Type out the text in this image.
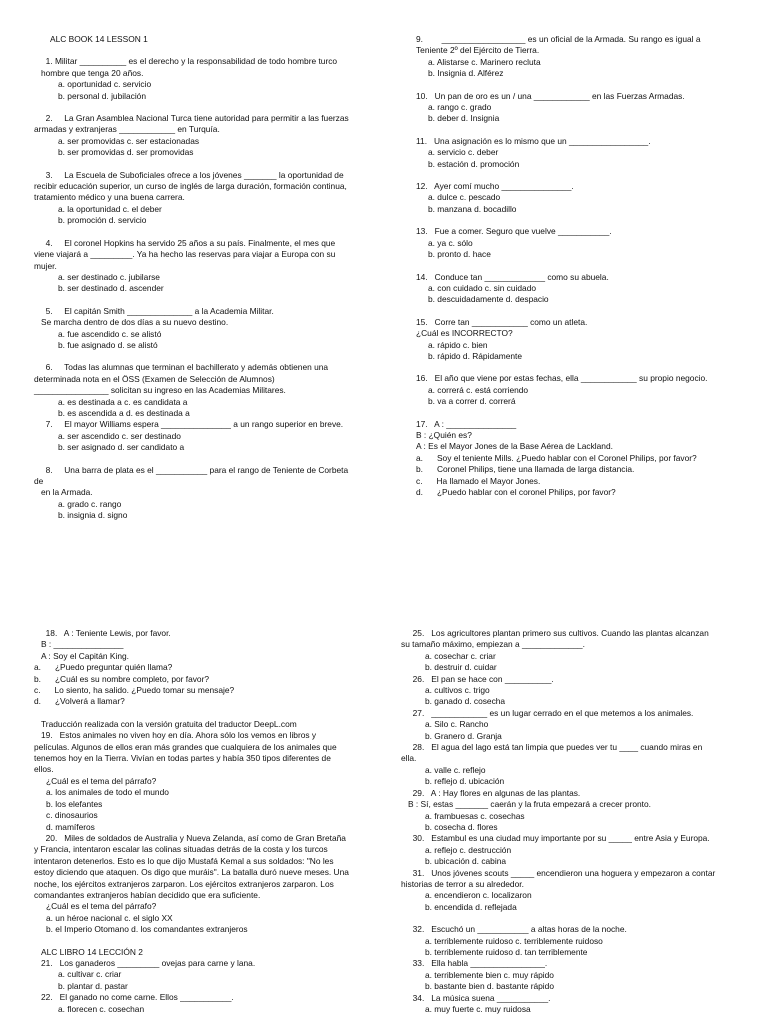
ALC BOOK 14 LESSON 1
1. Militar __________ es el derecho y la responsabilidad de todo hombre turco
hombre que tenga 20 años.
a. oportunidad c. servicio
b. personal d. jubilación
2.     La Gran Asamblea Nacional Turca tiene autoridad para permitir a las fuerzas
armadas y extranjeras ____________ en Turquía.
a. ser promovidas c. ser estacionadas
b. ser promovidas d. ser promovidas
3.     La Escuela de Suboficiales ofrece a los jóvenes _______ la oportunidad de
recibir educación superior, un curso de inglés de larga duración, formación continua,
tratamiento médico y una buena carrera.
a. la oportunidad c. el deber
b. promoción d. servicio
4.     El coronel Hopkins ha servido 25 años a su país. Finalmente, el mes que
viene viajará a _________. Ya ha hecho las reservas para viajar a Europa con su
mujer.
a. ser destinado c. jubilarse
b. ser destinado d. ascender
5.     El capitán Smith ______________ a la Academia Militar.
Se marcha dentro de dos días a su nuevo destino.
a. fue ascendido c. se alistó
b. fue asignado d. se alistó
6.     Todas las alumnas que terminan el bachillerato y además obtienen una
determinada nota en el ÖSS (Examen de Selección de Alumnos)
________________ solicitan su ingreso en las Academias Militares.
a. es destinada a c. es candidata a
b. es ascendida a d. es destinada a
7.     El mayor Williams espera _______________ a un rango superior en breve.
a. ser ascendido c. ser destinado
b. ser asignado d. ser candidato a
8.     Una barra de plata es el ___________ para el rango de Teniente de Corbeta
de
en la Armada.
a. grado c. rango
b. insignia d. signo
9.        __________________ es un oficial de la Armada. Su rango es igual a
Teniente 2º del Ejército de Tierra.
a. Alistarse c. Marinero recluta
b. Insignia d. Alférez
10.   Un pan de oro es un / una ____________ en las Fuerzas Armadas.
a. rango c. grado
b. deber d. Insignia
11.   Una asignación es lo mismo que un _________________.
a. servicio c. deber
b. estación d. promoción
12.   Ayer comí mucho _______________.
a. dulce c. pescado
b. manzana d. bocadillo
13.   Fue a comer. Seguro que vuelve ___________.
a. ya c. sólo
b. pronto d. hace
14.   Conduce tan _____________ como su abuela.
a. con cuidado c. sin cuidado
b. descuidadamente d. despacio
15.   Corre tan ____________ como un atleta.
¿Cuál es INCORRECTO?
a. rápido c. bien
b. rápido d. Rápidamente
16.   El año que viene por estas fechas, ella ____________ su propio negocio.
a. correrá c. está corriendo
b. va a correr d. correrá
17.   A : _______________
B : ¿Quién es?
A : Es el Mayor Jones de la Base Aérea de Lackland.
a.      Soy el teniente Mills. ¿Puedo hablar con el Coronel Philips, por favor?
b.      Coronel Philips, tiene una llamada de larga distancia.
c.      Ha llamado el Mayor Jones.
d.      ¿Puedo hablar con el coronel Philips, por favor?
18.   A : Teniente Lewis, por favor.
B : _______________
A : Soy el Capitán King.
a.      ¿Puedo preguntar quién llama?
b.      ¿Cuál es su nombre completo, por favor?
c.      Lo siento, ha salido. ¿Puedo tomar su mensaje?
d.      ¿Volverá a llamar?
Traducción realizada con la versión gratuita del traductor DeepL.com
19.   Estos animales no viven hoy en día. Ahora sólo los vemos en libros y
películas. Algunos de ellos eran más grandes que cualquiera de los animales que
tenemos hoy en la Tierra. Vivían en todas partes y había 350 tipos diferentes de
ellos.
¿Cuál es el tema del párrafo?
a. los animales de todo el mundo
b. los elefantes
c. dinosaurios
d. mamíferos
20.   Miles de soldados de Australia y Nueva Zelanda, así como de Gran Bretaña
y Francia, intentaron escalar las colinas situadas detrás de la costa y los turcos
intentaron detenerlos. Esto es lo que dijo Mustafá Kemal a sus soldados: "No les
estoy diciendo que ataquen. Os digo que muráis". La batalla duró nueve meses. Una
noche, los ejércitos extranjeros zarparon. Los ejércitos extranjeros zarparon. Los
comandantes extranjeros habían decidido que era suficiente.
¿Cuál es el tema del párrafo?
a. un héroe nacional c. el siglo XX
b. el Imperio Otomano d. los comandantes extranjeros
ALC LIBRO 14 LECCIÓN 2
21.   Los ganaderos _________ ovejas para carne y lana.
a. cultivar c. criar
b. plantar d. pastar
22.   El ganado no come carne. Ellos ___________.
a. florecen c. cosechan
25.   Los agricultores plantan primero sus cultivos. Cuando las plantas alcanzan
su tamaño máximo, empiezan a _____________.
a. cosechar c. criar
b. destruir d. cuidar
26.   El pan se hace con __________.
a. cultivos c. trigo
b. ganado d. cosecha
27.   ____________ es un lugar cerrado en el que metemos a los animales.
a. Silo c. Rancho
b. Granero d. Granja
28.   El agua del lago está tan limpia que puedes ver tu ____ cuando miras en
ella.
a. valle c. reflejo
b. reflejo d. ubicación
29.   A : Hay flores en algunas de las plantas.
B : Sí, estas _______ caerán y la fruta empezará a crecer pronto.
a. frambuesas c. cosechas
b. cosecha d. flores
30.   Estambul es una ciudad muy importante por su _____ entre Asia y Europa.
a. reflejo c. destrucción
b. ubicación d. cabina
31.   Unos jóvenes scouts _____ encendieron una hoguera y empezaron a contar
historias de terror a su alrededor.
a. encendieron c. localizaron
b. encendida d. reflejada
32.   Escuchó un ___________ a altas horas de la noche.
a. terriblemente ruidoso c. terriblemente ruidoso
b. terriblemente ruidoso d. tan terriblemente
33.   Ella habla ________________.
a. terriblemente bien c. muy rápido
b. bastante bien d. bastante rápido
34.   La música suena ___________.
a. muy fuerte c. muy ruidosa
